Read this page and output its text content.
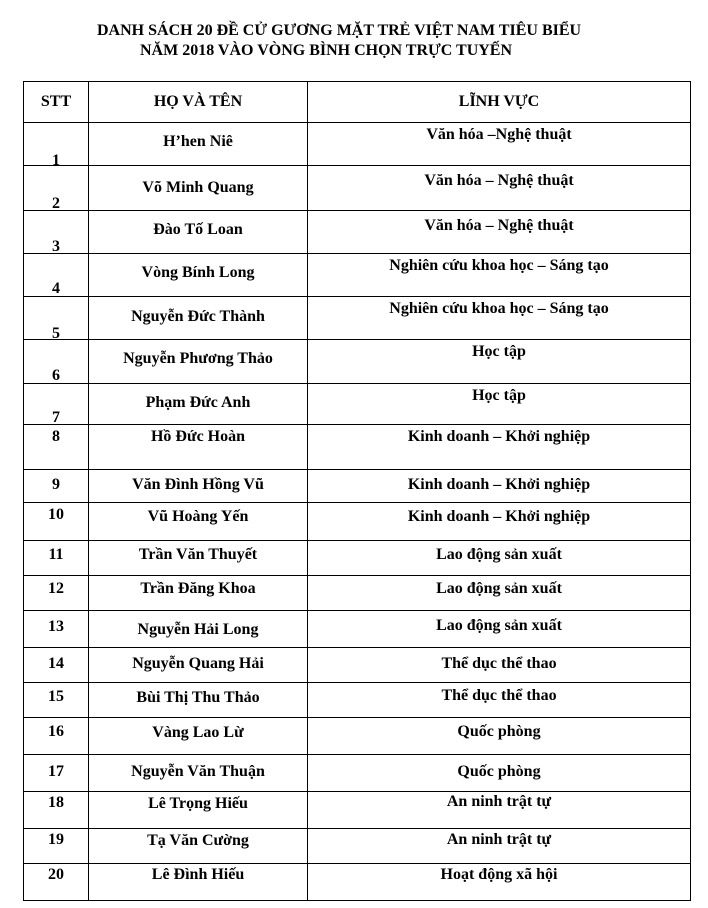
DANH SÁCH 20 ĐỀ CỬ GƯƠNG MẶT TRẺ VIỆT NAM TIÊU BIỂU
NĂM 2018 VÀO VÒNG BÌNH CHỌN TRỰC TUYẾN
STT	HỌ VÀ TÊN	LĨNH VỰC

1	H’hen Niê	Văn hóa –Nghệ thuật

2	Võ Minh Quang	Văn hóa – Nghệ thuật

3	Đào Tố Loan	Văn hóa – Nghệ thuật

4	Vòng Bính Long	Nghiên cứu khoa học – Sáng tạo

5	Nguyễn Đức Thành	Nghiên cứu khoa học – Sáng tạo

6	Nguyễn Phương Thảo	Học tập

7	Phạm Đức Anh	Học tập

8	Hồ Đức Hoàn	Kinh doanh – Khởi nghiệp

9	Văn Đình Hồng Vũ	Kinh doanh – Khởi nghiệp

10	Vũ Hoàng Yến	Kinh doanh – Khởi nghiệp

11	Trần Văn Thuyết	Lao động sản xuất

12	Trần Đăng Khoa	Lao động sản xuất

13	Nguyễn Hải Long	Lao động sản xuất

14	Nguyễn Quang Hải	Thể dục thể thao

15	Bùi Thị Thu Thảo	Thể dục thể thao

16	Vàng Lao Lừ	Quốc phòng

17	Nguyễn Văn Thuận	Quốc phòng

18	Lê Trọng Hiếu	An ninh trật tự

19	Tạ Văn Cường	An ninh trật tự

20	Lê Đình Hiếu	Hoạt động xã hội
